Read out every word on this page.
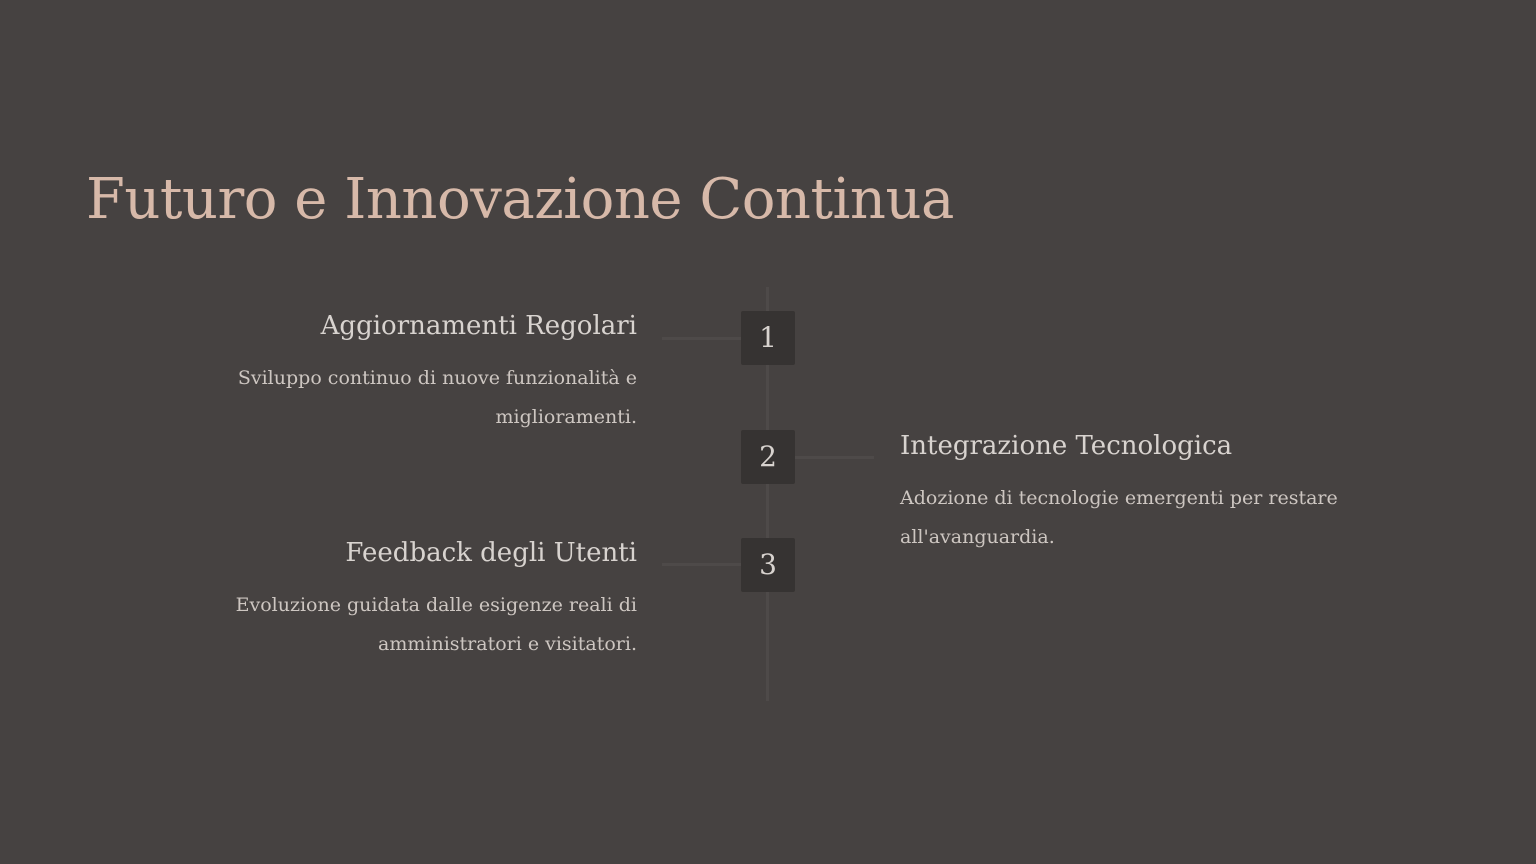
Futuro e Innovazione Continua
1
Aggiornamenti Regolari

Sviluppo continuo di nuove funzionalità e miglioramenti.

2	Integrazione Tecnologica

Adozione di tecnologie emergenti per restare all'avanguardia.

3
Feedback degli Utenti

Evoluzione guidata dalle esigenze reali di amministratori e visitatori.
